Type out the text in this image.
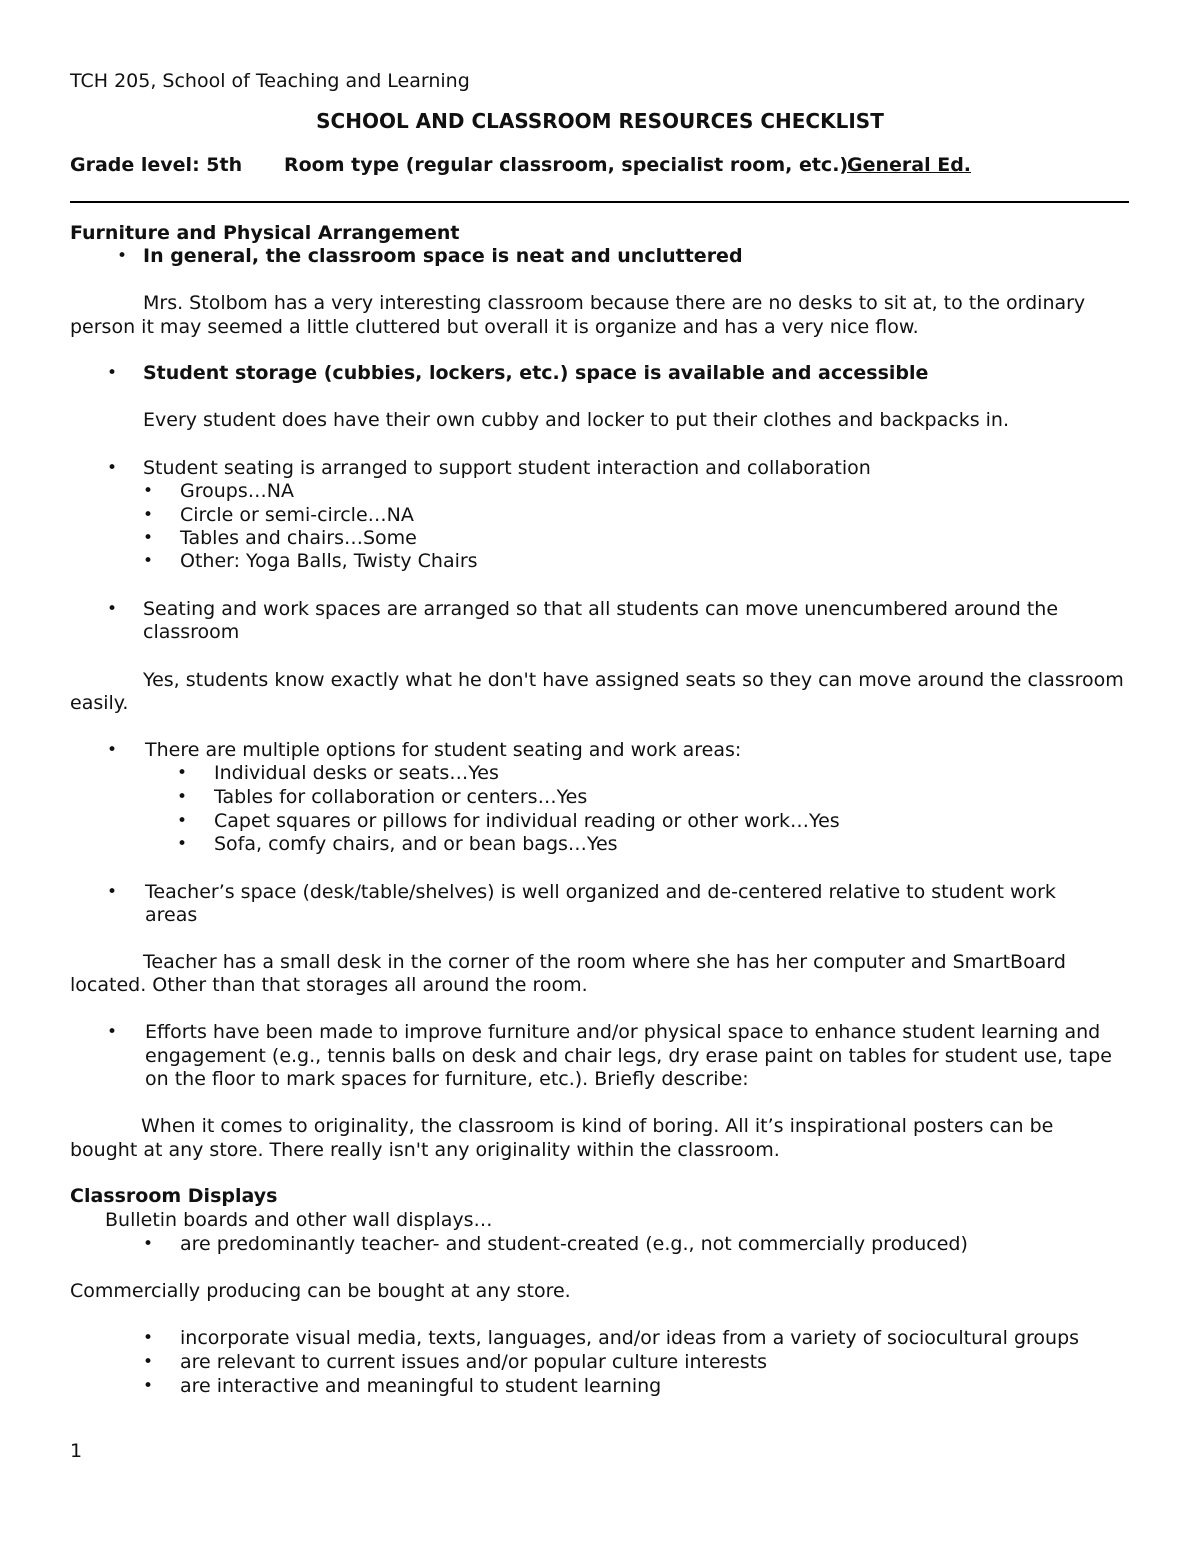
TCH 205, School of Teaching and Learning
SCHOOL AND CLASSROOM RESOURCES CHECKLIST
Grade level: 5th Room type (regular classroom, specialist room, etc.)
General Ed.
Furniture and Physical Arrangement
• In general, the classroom space is neat and uncluttered
Mrs. Stolbom has a very interesting classroom because there are no desks to sit at, to the ordinary
person it may seemed a little cluttered but overall it is organize and has a very nice flow.
• Student storage (cubbies, lockers, etc.) space is available and accessible
Every student does have their own cubby and locker to put their clothes and backpacks in.
• Student seating is arranged to support student interaction and collaboration
• Groups…NA
• Circle or semi-circle…NA
• Tables and chairs…Some
• Other: Yoga Balls, Twisty Chairs
• Seating and work spaces are arranged so that all students can move unencumbered around the
classroom
Yes, students know exactly what he don't have assigned seats so they can move around the classroom
easily.
• There are multiple options for student seating and work areas:
• Individual desks or seats…Yes
• Tables for collaboration or centers…Yes
• Capet squares or pillows for individual reading or other work…Yes
• Sofa, comfy chairs, and or bean bags…Yes
• Teacher’s space (desk/table/shelves) is well organized and de-centered relative to student work
areas
Teacher has a small desk in the corner of the room where she has her computer and SmartBoard
located. Other than that storages all around the room.
• Efforts have been made to improve furniture and/or physical space to enhance student learning and
engagement (e.g., tennis balls on desk and chair legs, dry erase paint on tables for student use, tape
on the floor to mark spaces for furniture, etc.). Briefly describe:
When it comes to originality, the classroom is kind of boring. All it’s inspirational posters can be
bought at any store. There really isn't any originality within the classroom.
Classroom Displays
Bulletin boards and other wall displays…
• are predominantly teacher- and student-created (e.g., not commercially produced)
Commercially producing can be bought at any store.
• incorporate visual media, texts, languages, and/or ideas from a variety of sociocultural groups
• are relevant to current issues and/or popular culture interests
• are interactive and meaningful to student learning
1
